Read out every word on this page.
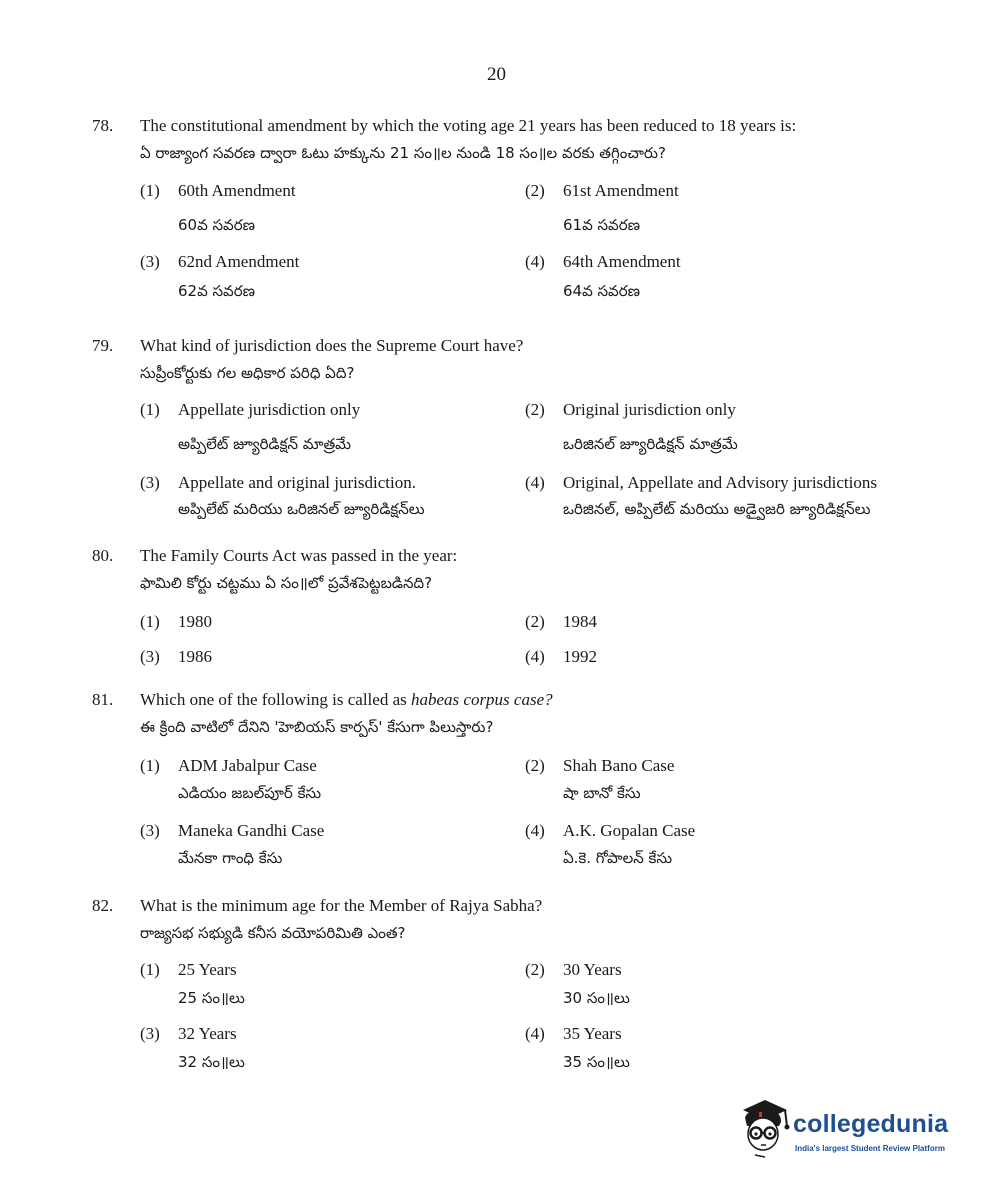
20
78. The constitutional amendment by which the voting age 21 years has been reduced to 18 years is:
ఏ రాజ్యాంగ సవరణ ద్వారా ఓటు హక్కును 21 సం॥ల నుండి 18 సం॥ల వరకు తగ్గించారు?
(1) 60th Amendment
60వ సవరణ
(2) 61st Amendment
61వ సవరణ
(3) 62nd Amendment
62వ సవరణ
(4) 64th Amendment
64వ సవరణ
79. What kind of jurisdiction does the Supreme Court have?
సుప్రీంకోర్టుకు గల అధికార పరిధి ఏది?
(1) Appellate jurisdiction only
అప్పిలేట్ జ్యూరిడిక్షన్ మాత్రమే
(2) Original jurisdiction only
ఒరిజినల్ జ్యూరిడిక్షన్ మాత్రమే
(3) Appellate and original jurisdiction.
అప్పిలేట్ మరియు ఒరిజినల్ జ్యూరిడిక్షన్‌లు
(4) Original, Appellate and Advisory jurisdictions
ఒరిజినల్, అప్పిలేట్ మరియు అడ్వైజరి జ్యూరిడిక్షన్‌లు
80. The Family Courts Act was passed in the year:
ఫామిలి కోర్టు చట్టము ఏ సం॥లో ప్రవేశపెట్టబడినది?
(1) 1980	(2) 1984
(3) 1986	(4) 1992
81. Which one of the following is called as habeas corpus case?
ఈ క్రింది వాటిలో దేనిని 'హెబియస్ కార్పస్' కేసుగా పిలుస్తారు?
(1) ADM Jabalpur Case
ఎడియం జబల్‌పూర్ కేసు
(2) Shah Bano Case
షా బానో కేసు
(3) Maneka Gandhi Case
మేనకా గాంధి కేసు
(4) A.K. Gopalan Case
ఏ.కె. గోపాలన్ కేసు
82. What is the minimum age for the Member of Rajya Sabha?
రాజ్యసభ సభ్యుడి కనీస వయోపరిమితి ఎంత?
(1) 25 Years
25 సం॥లు
(2) 30 Years
30 సం॥లు
(3) 32 Years
32 సం॥లు
(4) 35 Years
35 సం॥లు
collegedunia
India's largest Student Review Platform
